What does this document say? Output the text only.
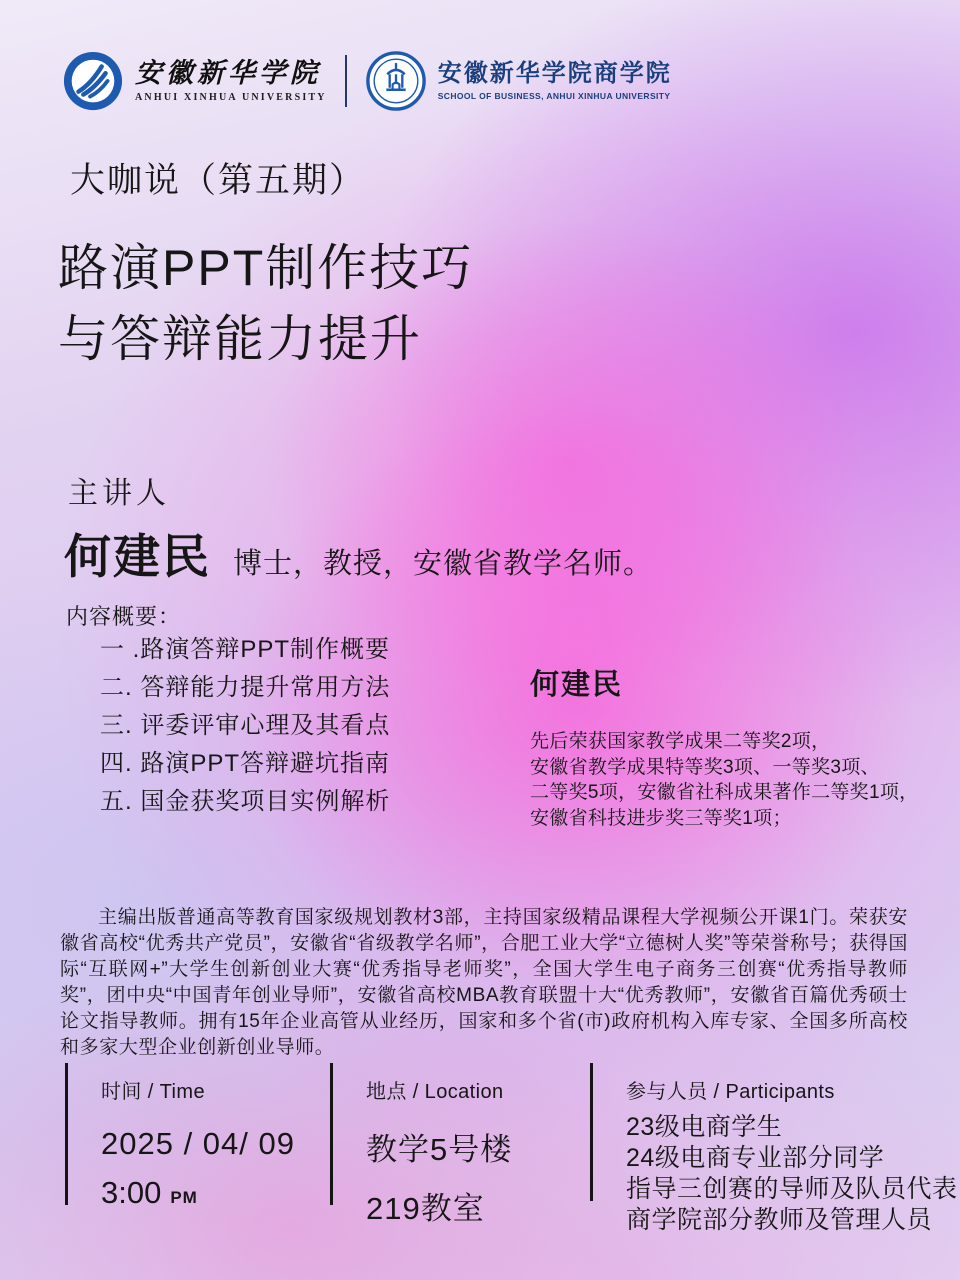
安徽新华学院
ANHUI XINHUA UNIVERSITY
安徽新华学院商学院
SCHOOL OF BUSINESS, ANHUI XINHUA UNIVERSITY
大咖说（第五期）
路演PPT制作技巧
与答辩能力提升
主讲人
何建民 博士，教授，安徽省教学名师。
内容概要：
一 .路演答辩PPT制作概要
二. 答辩能力提升常用方法
三. 评委评审心理及其看点
四. 路演PPT答辩避坑指南
五. 国金获奖项目实例解析
何建民
先后荣获国家教学成果二等奖2项，
安徽省教学成果特等奖3项、一等奖3项、
二等奖5项，安徽省社科成果著作二等奖1项，
安徽省科技进步奖三等奖1项；

主编出版普通高等教育国家级规划教材3部，主持国家级精品课程大学视频公开课1门。荣获安徽省高校“优秀共产党员”，安徽省“省级教学名师”，合肥工业大学“立德树人奖”等荣誉称号；获得国际“互联网+”大学生创新创业大赛“优秀指导老师奖”，全国大学生电子商务三创赛“优秀指导教师奖”，团中央“中国青年创业导师”，安徽省高校MBA教育联盟十大“优秀教师”，安徽省百篇优秀硕士论文指导教师。拥有15年企业高管从业经历，国家和多个省(市)政府机构入库专家、全国多所高校和多家大型企业创新创业导师。

时间 / Time
2025 / 04/ 09
3:00 PM
地点 / Location
教学5号楼
219教室
参与人员 / Participants
23级电商学生
24级电商专业部分同学
指导三创赛的导师及队员代表
商学院部分教师及管理人员
